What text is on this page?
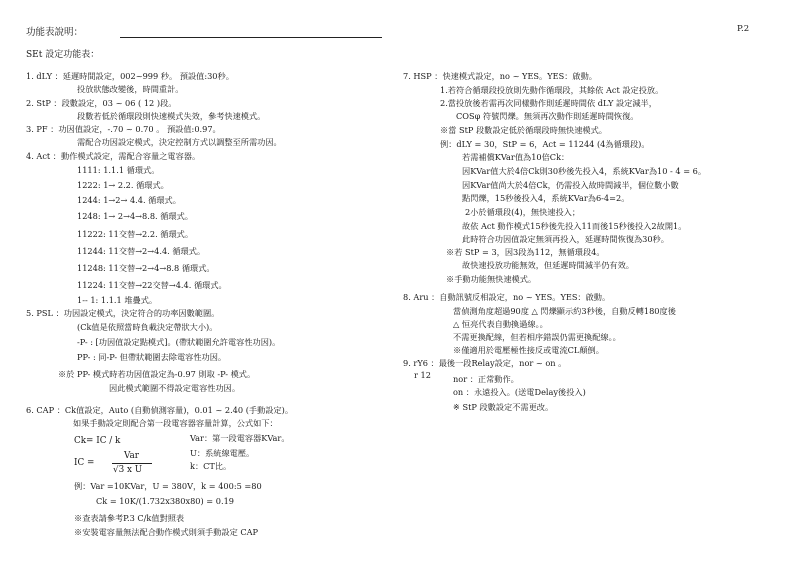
功能表說明：	P.2
SEt 設定功能表：
1. dLY ：延遲時間設定，002~999 秒。 預設值:30秒。
投放狀態改變後，時間重計。
2. StP ：段數設定，03 ~ 06 ( 12 )段。
段數若低於循環段則快速模式失效，參考快速模式。
3. PF ：功因值設定，-.70 ~ 0.70 。 預設值:0.97。
需配合功因設定模式，決定控制方式以調整至所需功因。
4. Act ：動作模式設定，需配合容量之電容器。
1111: 1.1.1 循環式。
1222: 1→ 2.2. 循環式。
1244: 1→2→ 4.4. 循環式。
1248: 1→ 2→4→8.8. 循環式。
11222: 11交替→2.2. 循環式。
11244: 11交替→2→4.4. 循環式。
11248: 11交替→2→4→8.8 循環式。
11224: 11交替→22交替→4.4. 循環式。
1-- 1: 1.1.1 堆疊式。
5. PSL ：功因設定模式，決定符合的功率因數範圍。
(Ck值是依照當時負載決定帶狀大小)。
-P- : [功因值設定點模式]。(帶狀範圍允許電容性功因)。
PP- : 同-P- 但帶狀範圍去除電容性功因。
※於 PP- 模式時若功因值設定為-0.97 則取 -P- 模式。
因此模式範圍不得設定電容性功因。
6. CAP ：Ck值設定，Auto (自動偵測容量)，0.01 ~ 2.40 (手動設定)。
如果手動設定則配合第一段電容器容量計算，公式如下：
Ck= IC / k	Var：第一段電容器KVar。
U：系統線電壓。
IC =
Var
√3 x U	k：CT比。
例：Var =10KVar，U = 380V，k = 400:5 =80
Ck = 10K/(1.732x380x80) = 0.19
※查表請參考P.3 C/k值對照表
※安裝電容量無法配合動作模式則須手動設定 CAP
7. HSP ：快速模式設定，no ~ YES。YES：啟動。
1.若符合循環段投放則先動作循環段，其餘依 Act 設定投放。
2.當投放後若需再次同樣動作則延遲時間依 dLY 設定減半，
COSφ 符號閃爍。無須再次動作則延遲時間恢復。
※當 StP 段數設定低於循環段時無快速模式。
例：dLY = 30，StP = 6，Act = 11244 (4為循環段)。
若需補償KVar值為10倍Ck：
因KVar值大於4倍Ck則30秒後先投入4，系統KVar為10 - 4 = 6。
因KVar值尚大於4倍Ck，仍需投入故時間減半，個位數小數
點閃爍，15秒後投入4，系統KVar為6-4=2。
2小於循環段(4)，無快速投入；
故依 Act 動作模式15秒後先投入11而後15秒後投入2故開1。
此時符合功因值設定無須再投入，延遲時間恢復為30秒。
※若 StP = 3，因3段為112，無循環段4。
故快速投放功能無效，但延遲時間減半仍有效。
※手動功能無快速模式。
8. Aru ：自動訊號反相設定，no ~ YES。YES：啟動。
當偵測角度超過90度 △ 閃爍顯示約3秒後，自動反轉180度後
△ 恒亮代表自動換過線。。
不需更換配線，但若相序錯誤仍需更換配線。。
※僅適用於電壓極性接反或電流CL顛倒。
9. rY6 ：最後一段Relay設定，nor ~ on 。
r 12	nor ：正常動作。
on ：永遠投入。(送電Delay後投入)
※ StP 段數設定不需更改。
